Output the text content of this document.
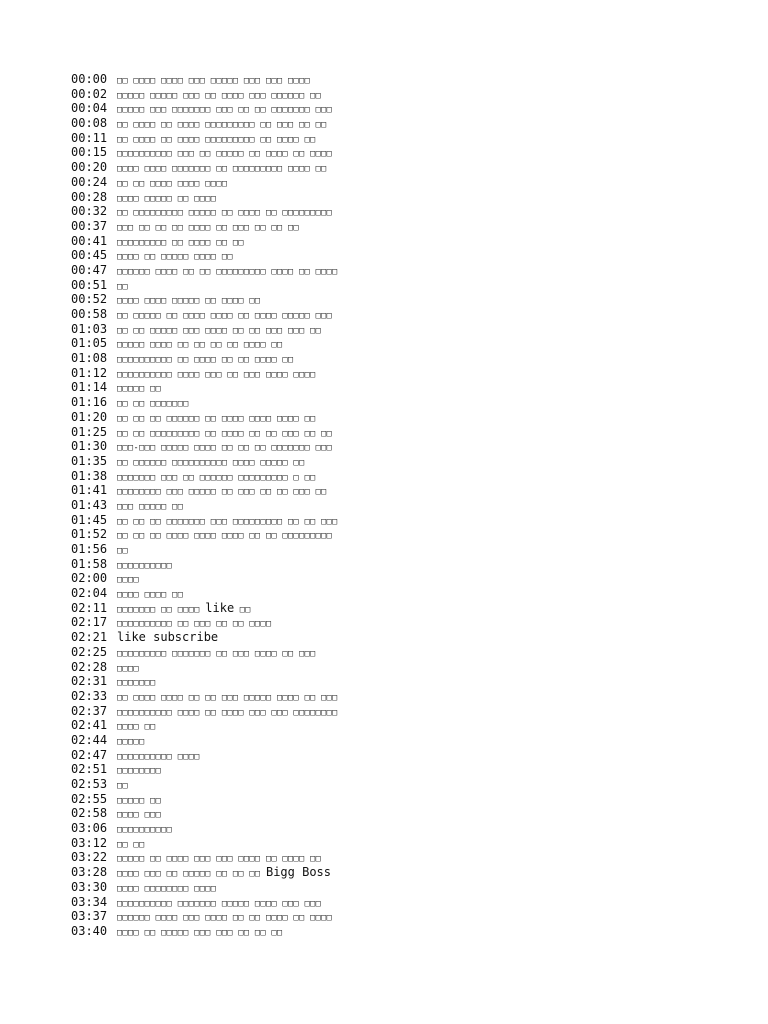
00:00 □□ □□□□ □□□□ □□□ □□□□□ □□□ □□□ □□□□
00:02 □□□□□ □□□□□ □□□ □□ □□□□ □□□ □□□□□□ □□
00:04 □□□□□ □□□ □□□□□□□ □□□ □□ □□ □□□□□□□ □□□
00:08 □□ □□□□ □□ □□□□ □□□□□□□□□ □□ □□□ □□ □□
00:11 □□ □□□□ □□ □□□□ □□□□□□□□□ □□ □□□□ □□
00:15 □□□□□□□□□□ □□□ □□ □□□□□ □□ □□□□ □□ □□□□
00:20 □□□□ □□□□ □□□□□□□ □□ □□□□□□□□□ □□□□ □□
00:24 □□ □□ □□□□ □□□□ □□□□
00:28 □□□□ □□□□□ □□ □□□□
00:32 □□ □□□□□□□□□ □□□□□ □□ □□□□ □□ □□□□□□□□□
00:37 □□□ □□ □□ □□ □□□□ □□ □□□ □□ □□ □□
00:41 □□□□□□□□□ □□ □□□□ □□ □□
00:45 □□□□ □□ □□□□□ □□□□ □□
00:47 □□□□□□ □□□□ □□ □□ □□□□□□□□□ □□□□ □□ □□□□
00:51 □□
00:52 □□□□ □□□□ □□□□□ □□ □□□□ □□
00:58 □□ □□□□□ □□ □□□□ □□□□ □□ □□□□ □□□□□ □□□
01:03 □□ □□ □□□□□ □□□ □□□□ □□ □□ □□□ □□□ □□
01:05 □□□□□ □□□□ □□ □□ □□ □□ □□□□ □□
01:08 □□□□□□□□□□ □□ □□□□ □□ □□ □□□□ □□
01:12 □□□□□□□□□□ □□□□ □□□ □□ □□□ □□□□ □□□□
01:14 □□□□□ □□
01:16 □□ □□ □□□□□□□
01:20 □□ □□ □□ □□□□□□ □□ □□□□ □□□□ □□□□ □□
01:25 □□ □□ □□□□□□□□□ □□ □□□□ □□ □□ □□□ □□ □□
01:30 □□□-□□□ □□□□□ □□□□ □□ □□ □□ □□□□□□□ □□□
01:35 □□ □□□□□□ □□□□□□□□□□ □□□□ □□□□□ □□
01:38 □□□□□□□ □□□ □□ □□□□□□ □□□□□□□□□ □ □□
01:41 □□□□□□□□ □□□ □□□□□ □□ □□□ □□ □□ □□□ □□
01:43 □□□ □□□□□ □□
01:45 □□ □□ □□ □□□□□□□ □□□ □□□□□□□□□ □□ □□ □□□
01:52 □□ □□ □□ □□□□ □□□□ □□□□ □□ □□ □□□□□□□□□
01:56 □□
01:58 □□□□□□□□□□
02:00 □□□□
02:04 □□□□ □□□□ □□
02:11 □□□□□□□ □□ □□□□ like □□
02:17 □□□□□□□□□□ □□ □□□ □□ □□ □□□□
02:21 like subscribe
02:25 □□□□□□□□□ □□□□□□□ □□ □□□ □□□□ □□ □□□
02:28 □□□□
02:31 □□□□□□□
02:33 □□ □□□□ □□□□ □□ □□ □□□ □□□□□ □□□□ □□ □□□
02:37 □□□□□□□□□□ □□□□ □□ □□□□ □□□ □□□ □□□□□□□□
02:41 □□□□ □□
02:44 □□□□□
02:47 □□□□□□□□□□ □□□□
02:51 □□□□□□□□
02:53 □□
02:55 □□□□□ □□
02:58 □□□□ □□□
03:06 □□□□□□□□□□
03:12 □□ □□
03:22 □□□□□ □□ □□□□ □□□ □□□ □□□□ □□ □□□□ □□
03:28 □□□□ □□□ □□ □□□□□ □□ □□ □□ Bigg Boss
03:30 □□□□ □□□□□□□□ □□□□
03:34 □□□□□□□□□□ □□□□□□□ □□□□□ □□□□ □□□ □□□
03:37 □□□□□□ □□□□ □□□ □□□□ □□ □□ □□□□ □□ □□□□
03:40 □□□□ □□ □□□□□ □□□ □□□ □□ □□ □□
